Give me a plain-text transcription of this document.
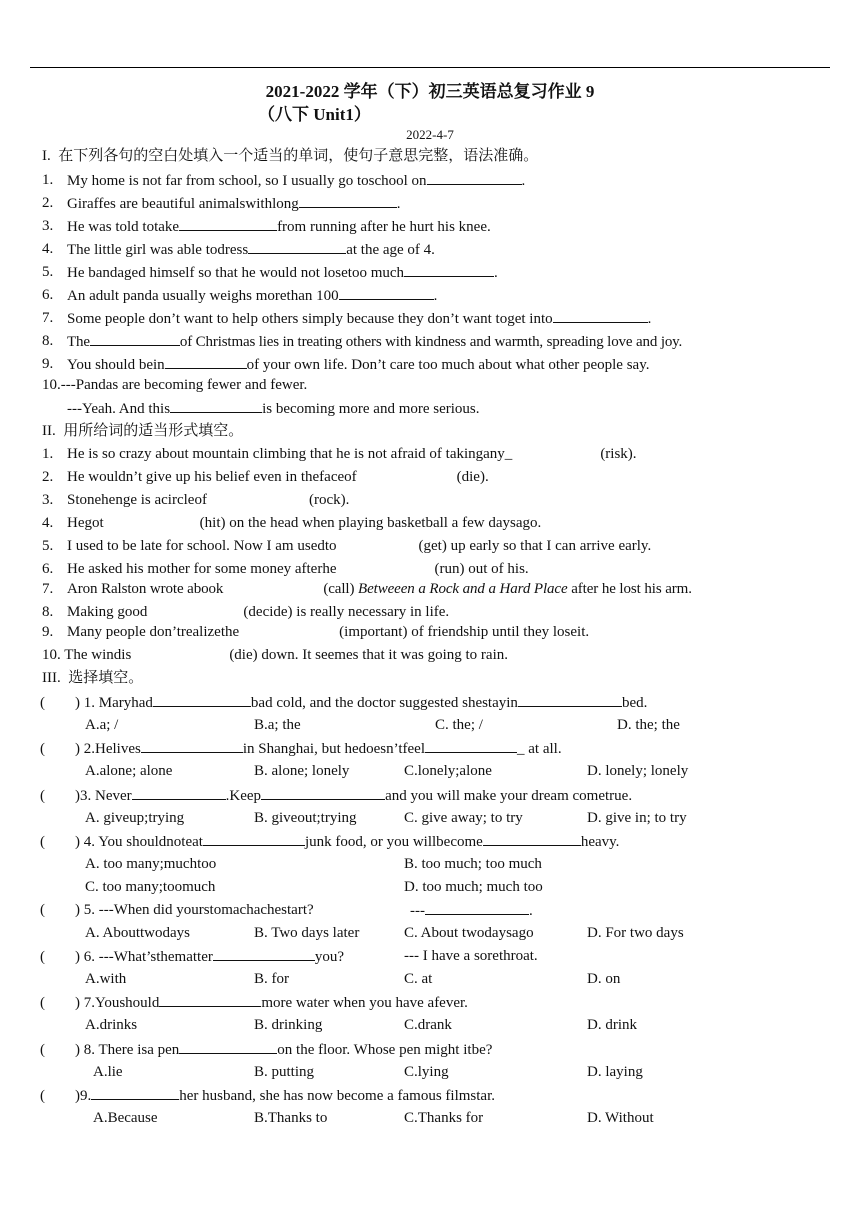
2021-2022 学年（下）初三英语总复习作业 9
（八下 Unit1）
2022-4-7
I.  在下列各句的空白处填入一个适当的单词，使句子意思完整，语法准确。
1. My home is not far from school, so I usually go toschool on	.
2. Giraffes are beautiful animalswithlong	.
3. He was told totake	from running after he hurt his knee.
4. The little girl was able todress	at the age of 4.
5. He bandaged himself so that he would not losetoo much	.
6. An adult panda usually weighs morethan 100	.
7. Some people don’t want to help others simply because they don’t want toget into	.
8. The	of Christmas lies in treating others with kindness and warmth, spreading love and joy.
9. You should bein	of your own life. Don’t care too much about what other people say.
10.---Pandas are becoming fewer and fewer.
---Yeah. And this	is becoming more and more serious.
II.  用所给词的适当形式填空。
1. He is so crazy about mountain climbing that he is not afraid of takingany_	(risk).
2. He wouldn’t give up his belief even in thefaceof	(die).
3. Stonehenge is acircleof	(rock).
4. Hegot	(hit) on the head when playing basketball a few daysago.
5. I used to be late for school. Now I am usedto	(get) up early so that I can arrive early.
6. He asked his mother for some money afterhe	(run) out of his.
7. Aron Ralston wrote abook	(call) Betweeen a Rock and a Hard Place after he lost his arm.
8. Making good	(decide) is really necessary in life.
9. Many people don’trealizethe	(important) of friendship until they loseit.
10. The windis	(die) down. It seemes that it was going to rain.
III.  选择填空。
(        ) 1. Maryhad	bad cold, and the doctor suggested shestayin	bed.
A.a; /	B.a; the	C. the; /	D. the; the
(        ) 2.Helives	in Shanghai, but hedoesn’tfeel	_ at all.
A.alone; alone	B. alone; lonely	C.lonely;alone	D. lonely; lonely
(        )3. Never	.Keep	and you will make your dream cometrue.
A. giveup;trying	B. giveout;trying	C. give away; to try	D. give in; to try
(        ) 4. You shouldnoteat	junk food, or you willbecome	heavy.
A. too many;muchtoo	B. too much; too much
C. too many;toomuch	D. too much; much too
(        ) 5. ---When did yourstomachachestart?	---	.
A. Abouttwodays	B. Two days later	C. About twodaysago	D. For two days
(        ) 6. ---What’sthematter	you?	--- I have a sorethroat.
A.with	B. for	C. at	D. on
(        ) 7.Youshould	more water when you have afever.
A.drinks	B. drinking	C.drank	D. drink
(        ) 8. There isa pen	on the floor. Whose pen might itbe?
A.lie	B. putting	C.lying	D. laying
(        )9.	her husband, she has now become a famous filmstar.
A.Because	B.Thanks to	C.Thanks for	D. Without
